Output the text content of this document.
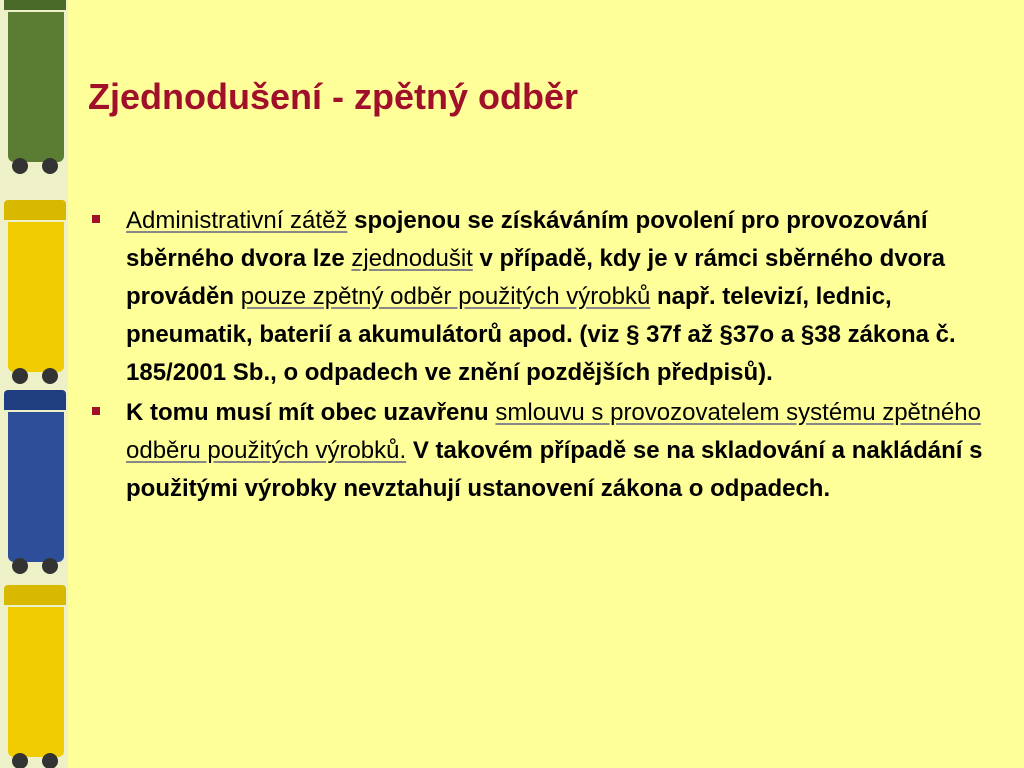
Zjednodušení - zpětný odběr
Administrativní zátěž spojenou se získáváním povolení pro provozování sběrného dvora lze zjednodušit v případě, kdy je v rámci sběrného dvora prováděn pouze zpětný odběr použitých výrobků např. televizí, lednic, pneumatik, baterií a akumulátorů apod. (viz § 37f až §37o a §38 zákona č. 185/2001 Sb., o odpadech ve znění pozdějších předpisů).
K tomu musí mít obec uzavřenu smlouvu s provozovatelem systému zpětného odběru použitých výrobků. V takovém případě se na skladování a nakládání s použitými výrobky nevztahují ustanovení zákona o odpadech.
